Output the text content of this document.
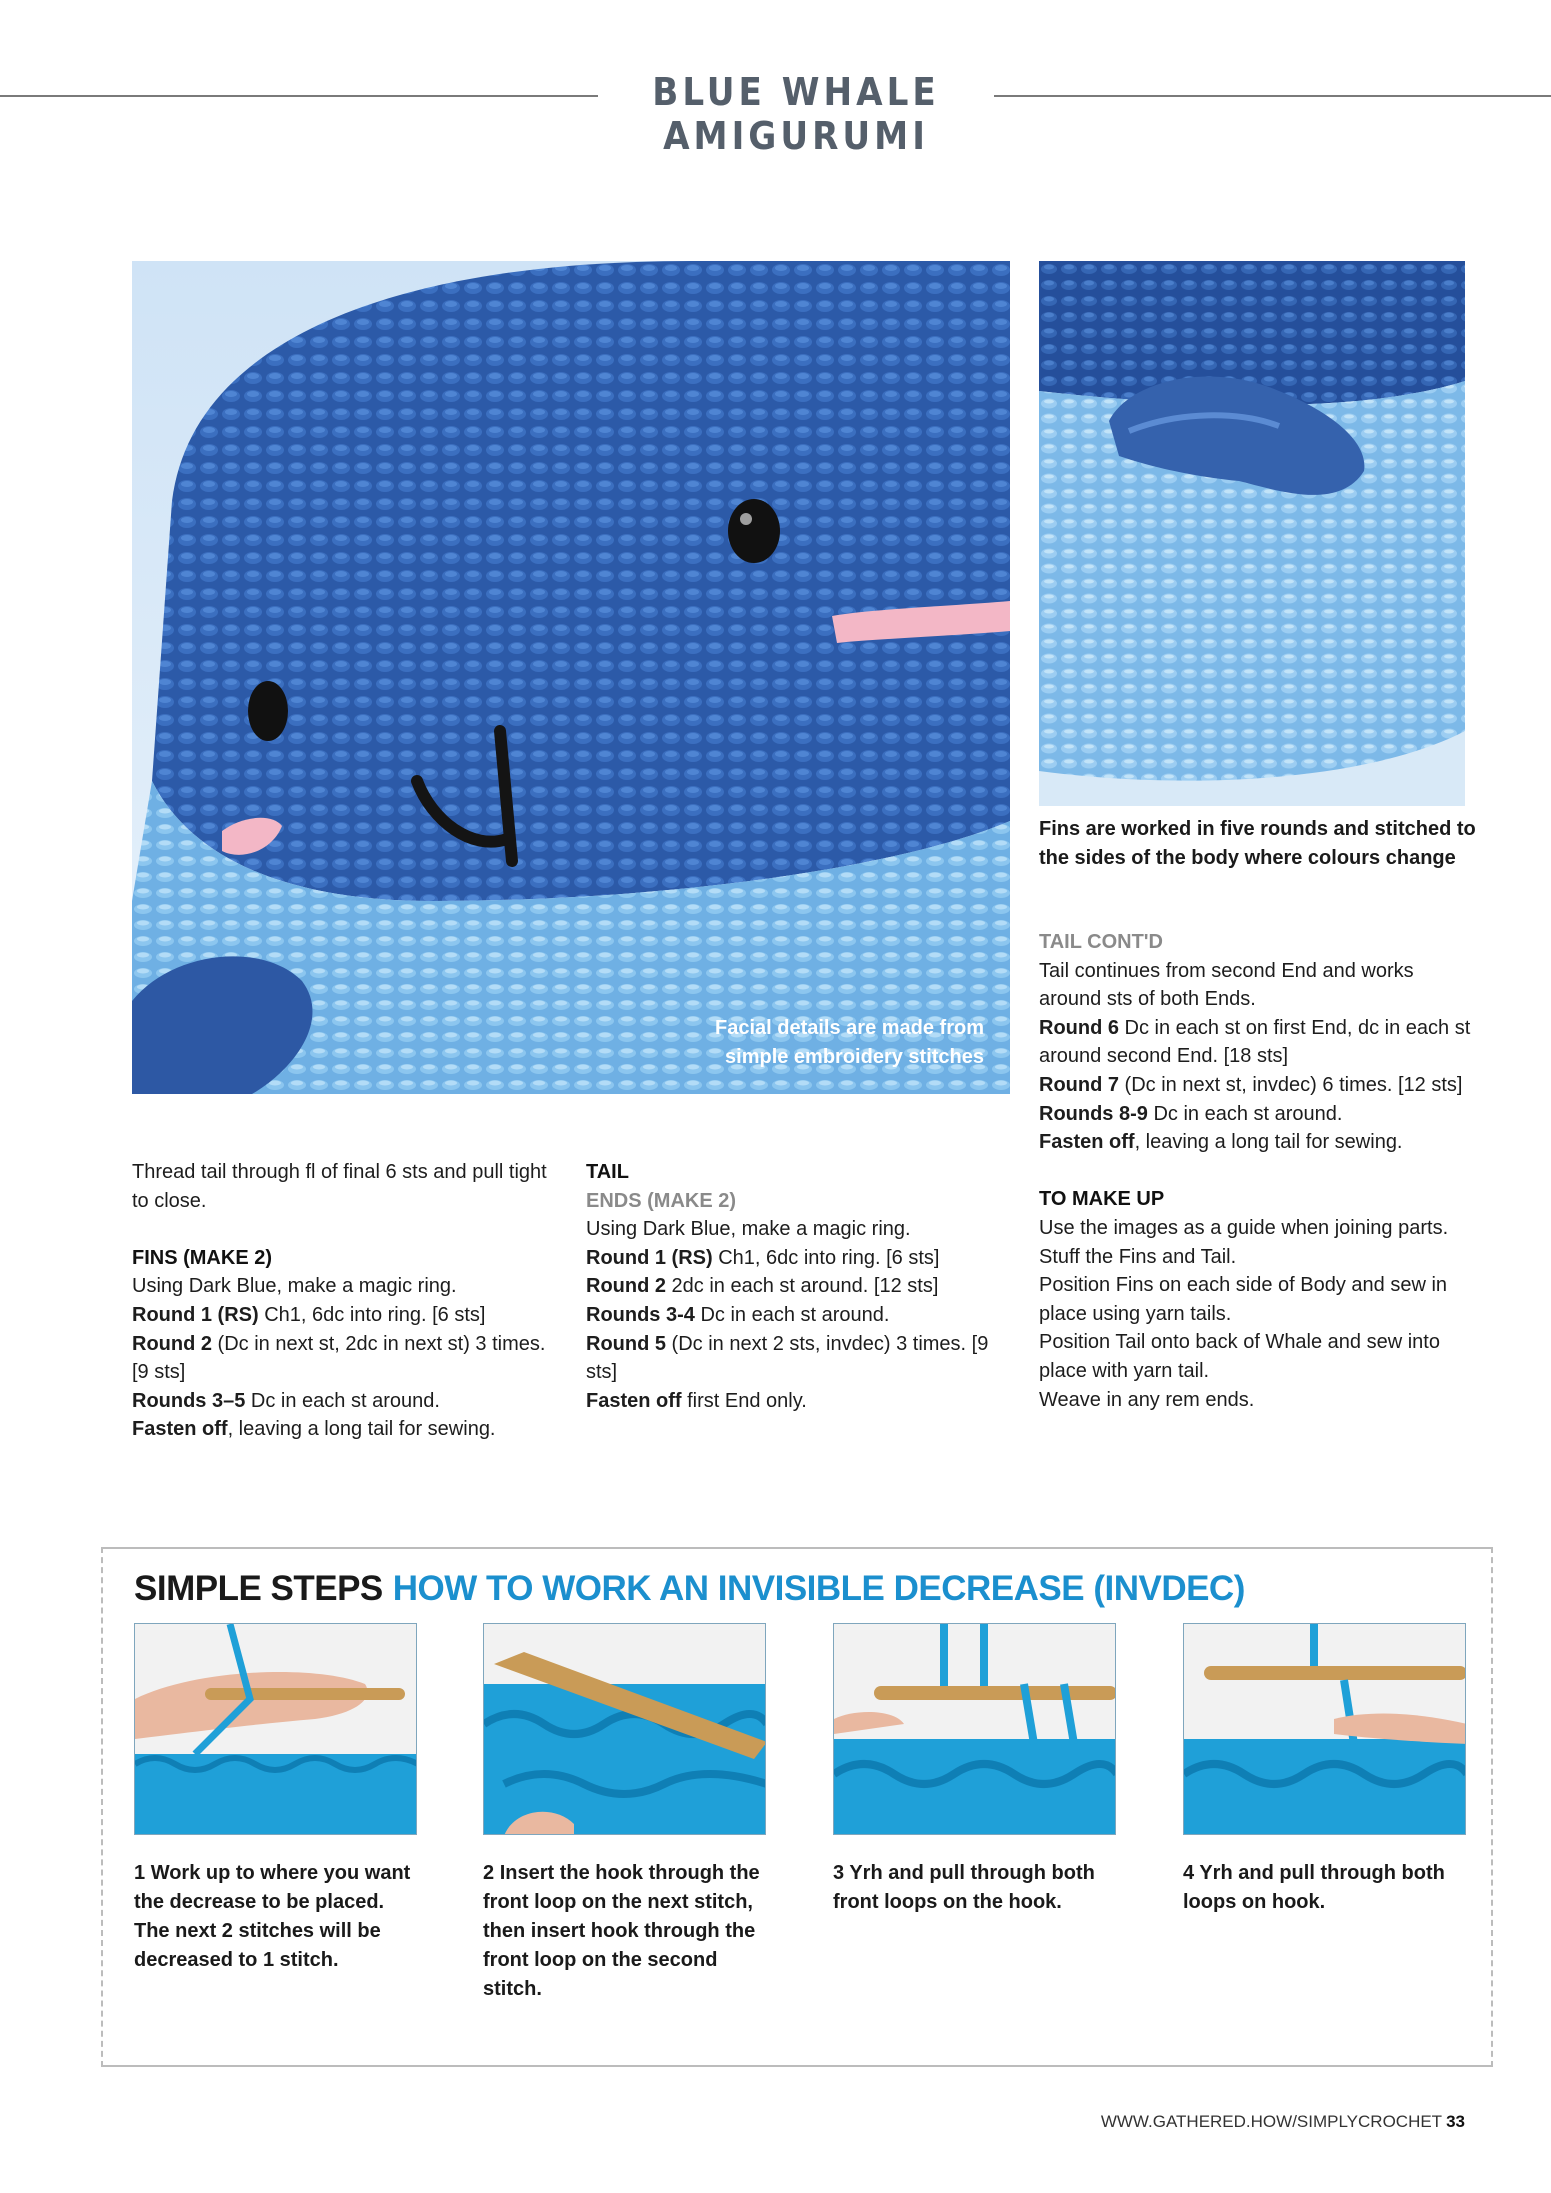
BLUE WHALE AMIGURUMI
Facial details are made from
simple embroidery stitches
Fins are worked in five rounds and stitched to the sides of the body where colours change

Thread tail through fl of final 6 sts and pull tight to close.

FINS (MAKE 2)

Using Dark Blue, make a magic ring.

Round 1 (RS) Ch1, 6dc into ring. [6 sts]

Round 2 (Dc in next st, 2dc in next st) 3 times. [9 sts]

Rounds 3–5 Dc in each st around.

Fasten off, leaving a long tail for sewing.

TAIL

ENDS (MAKE 2)

Using Dark Blue, make a magic ring.

Round 1 (RS) Ch1, 6dc into ring. [6 sts]

Round 2 2dc in each st around. [12 sts]

Rounds 3-4 Dc in each st around.

Round 5 (Dc in next 2 sts, invdec) 3 times. [9 sts]

Fasten off first End only.

TAIL CONT'D

Tail continues from second End and works around sts of both Ends.

Round 6 Dc in each st on first End, dc in each st around second End. [18 sts]

Round 7 (Dc in next st, invdec) 6 times. [12 sts]

Rounds 8-9 Dc in each st around.

Fasten off, leaving a long tail for sewing.

TO MAKE UP

Use the images as a guide when joining parts.

Stuff the Fins and Tail.

Position Fins on each side of Body and sew in place using yarn tails.

Position Tail onto back of Whale and sew into place with yarn tail.

Weave in any rem ends.

SIMPLE STEPS HOW TO WORK AN INVISIBLE DECREASE (INVDEC)
1 Work up to where you want the decrease to be placed. The next 2 stitches will be decreased to 1 stitch.
2 Insert the hook through the front loop on the next stitch, then insert hook through the front loop on the second stitch.
3 Yrh and pull through both front loops on the hook.
4 Yrh and pull through both loops on hook.
WWW.GATHERED.HOW/SIMPLYCROCHET 33
